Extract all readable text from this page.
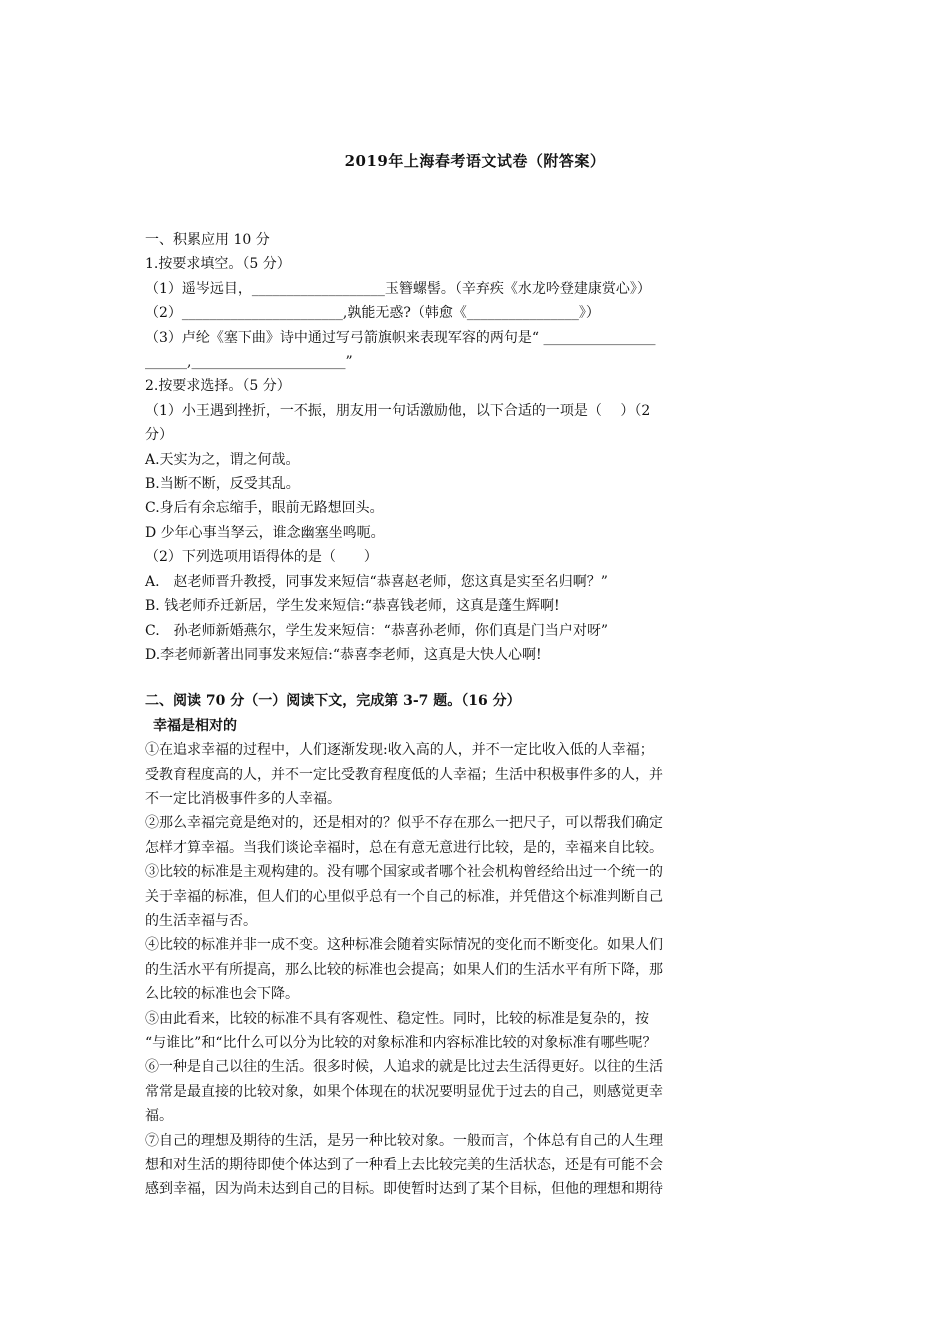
2019年上海春考语文试卷（附答案）
一、积累应用 10 分
1.按要求填空。（5 分）
（1）遥岑远目，___________________玉簪螺髻。（辛弃疾《水龙吟登建康赏心》）
（2）_______________________,孰能无惑?（韩愈《________________》）
（3）卢纶《塞下曲》诗中通过写弓箭旗帜来表现军容的两句是“ ________________
______,______________________”
2.按要求选择。（5 分）
（1）小王遇到挫折，一不振，朋友用一句话激励他，以下合适的一项是（　 ）（2
分）
A.天实为之，谓之何哉。
B.当断不断，反受其乱。
C.身后有余忘缩手，眼前无路想回头。
D 少年心事当孥云，谁念幽塞坐鸣呃。
（2）下列选项用语得体的是（　　）
A.　赵老师晋升教授，同事发来短信“恭喜赵老师，您这真是实至名归啊？”
B. 钱老师乔迁新居，学生发来短信:“恭喜钱老师，这真是蓬生辉啊!
C.　孙老师新婚燕尔，学生发来短信：“恭喜孙老师，你们真是门当户对呀”
D.李老师新著出同事发来短信:“恭喜李老师，这真是大快人心啊!
二、阅读 70 分（一）阅读下文，完成第 3-7 题。（16 分）
幸福是相对的
①在追求幸福的过程中，人们逐渐发现:收入高的人，并不一定比收入低的人幸福；
受教育程度高的人，并不一定比受教育程度低的人幸福；生活中积极事件多的人，并
不一定比消极事件多的人幸福。
②那么幸福完竟是绝对的，还是相对的？似乎不存在那么一把尺子，可以帮我们确定
怎样才算幸福。当我们谈论幸福时，总在有意无意进行比较，是的，幸福来自比较。
③比较的标准是主观构建的。没有哪个国家或者哪个社会机构曾经给出过一个统一的
关于幸福的标准，但人们的心里似乎总有一个自己的标准，并凭借这个标准判断自己
的生活幸福与否。
④比较的标准并非一成不变。这种标准会随着实际情况的变化而不断变化。如果人们
的生活水平有所提高，那么比较的标准也会提高；如果人们的生活水平有所下降，那
么比较的标准也会下降。
⑤由此看来，比较的标准不具有客观性、稳定性。同时，比较的标准是复杂的，按
“与谁比”和“比什么可以分为比较的对象标准和内容标准比较的对象标准有哪些呢？
⑥一种是自己以往的生活。很多时候，人追求的就是比过去生活得更好。以往的生活
常常是最直接的比较对象，如果个体现在的状况要明显优于过去的自己，则感觉更幸
福。
⑦自己的理想及期待的生活，是另一种比较对象。一般而言，个体总有自己的人生理
想和对生活的期待即使个体达到了一种看上去比较完美的生活状态，还是有可能不会
感到幸福，因为尚未达到自己的目标。即使暂时达到了某个目标，但他的理想和期待
